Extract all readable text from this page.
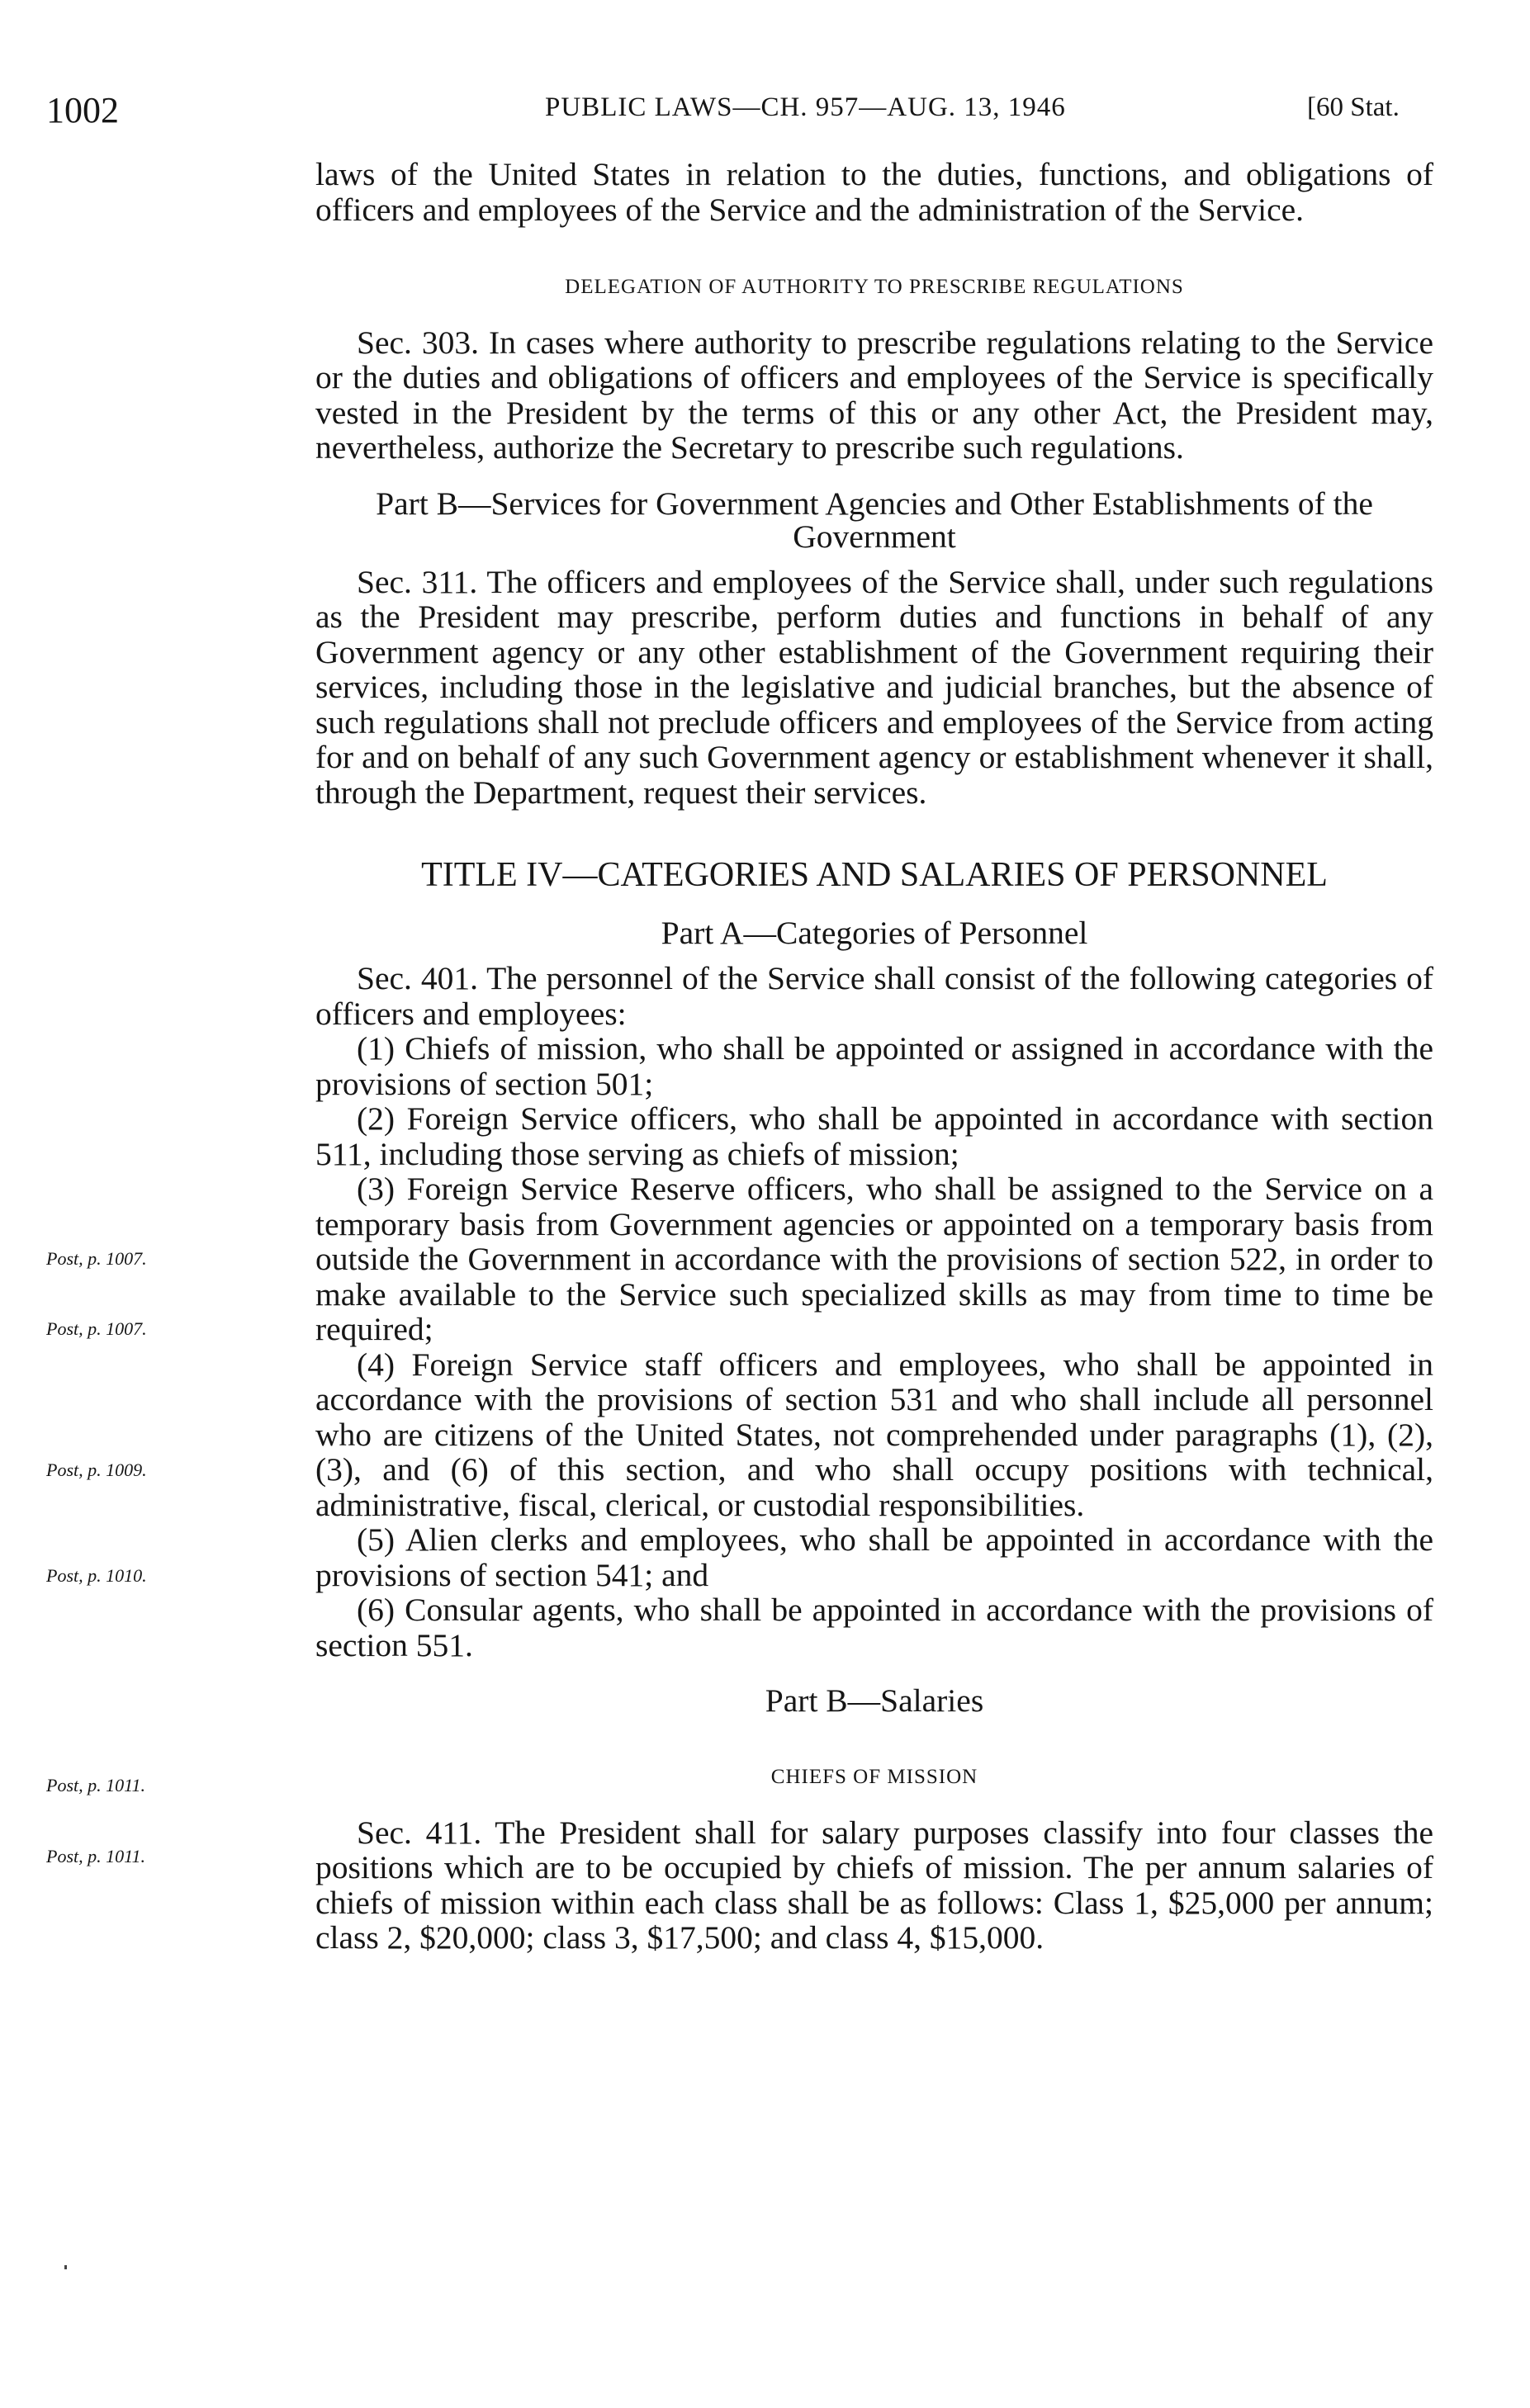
1002	PUBLIC LAWS—CH. 957—AUG. 13, 1946	[60 Stat.

laws of the United States in relation to the duties, functions, and obligations of officers and employees of the Service and the administration of the Service.

DELEGATION OF AUTHORITY TO PRESCRIBE REGULATIONS

Sec. 303. In cases where authority to prescribe regulations relating to the Service or the duties and obligations of officers and employees of the Service is specifically vested in the President by the terms of this or any other Act, the President may, nevertheless, authorize the Secretary to prescribe such regulations.

Part B—Services for Government Agencies and Other Establishments of the Government

Sec. 311. The officers and employees of the Service shall, under such regulations as the President may prescribe, perform duties and functions in behalf of any Government agency or any other establishment of the Government requiring their services, including those in the legislative and judicial branches, but the absence of such regulations shall not preclude officers and employees of the Service from acting for and on behalf of any such Government agency or establishment whenever it shall, through the Department, request their services.

TITLE IV—CATEGORIES AND SALARIES OF PERSONNEL

Part A—Categories of Personnel

Sec. 401. The personnel of the Service shall consist of the following categories of officers and employees:

(1) Chiefs of mission, who shall be appointed or assigned in accordance with the provisions of section 501;

(2) Foreign Service officers, who shall be appointed in accordance with section 511, including those serving as chiefs of mission;

(3) Foreign Service Reserve officers, who shall be assigned to the Service on a temporary basis from Government agencies or appointed on a temporary basis from outside the Government in accordance with the provisions of section 522, in order to make available to the Service such specialized skills as may from time to time be required;

(4) Foreign Service staff officers and employees, who shall be appointed in accordance with the provisions of section 531 and who shall include all personnel who are citizens of the United States, not comprehended under paragraphs (1), (2), (3), and (6) of this section, and who shall occupy positions with technical, administrative, fiscal, clerical, or custodial responsibilities.

(5) Alien clerks and employees, who shall be appointed in accordance with the provisions of section 541; and

(6) Consular agents, who shall be appointed in accordance with the provisions of section 551.

Part B—Salaries

CHIEFS OF MISSION

Sec. 411. The President shall for salary purposes classify into four classes the positions which are to be occupied by chiefs of mission. The per annum salaries of chiefs of mission within each class shall be as follows: Class 1, $25,000 per annum; class 2, $20,000; class 3, $17,500; and class 4, $15,000.

Post, p. 1007.
Post, p. 1007.
Post, p. 1009.
Post, p. 1010.
Post, p. 1011.
Post, p. 1011.
